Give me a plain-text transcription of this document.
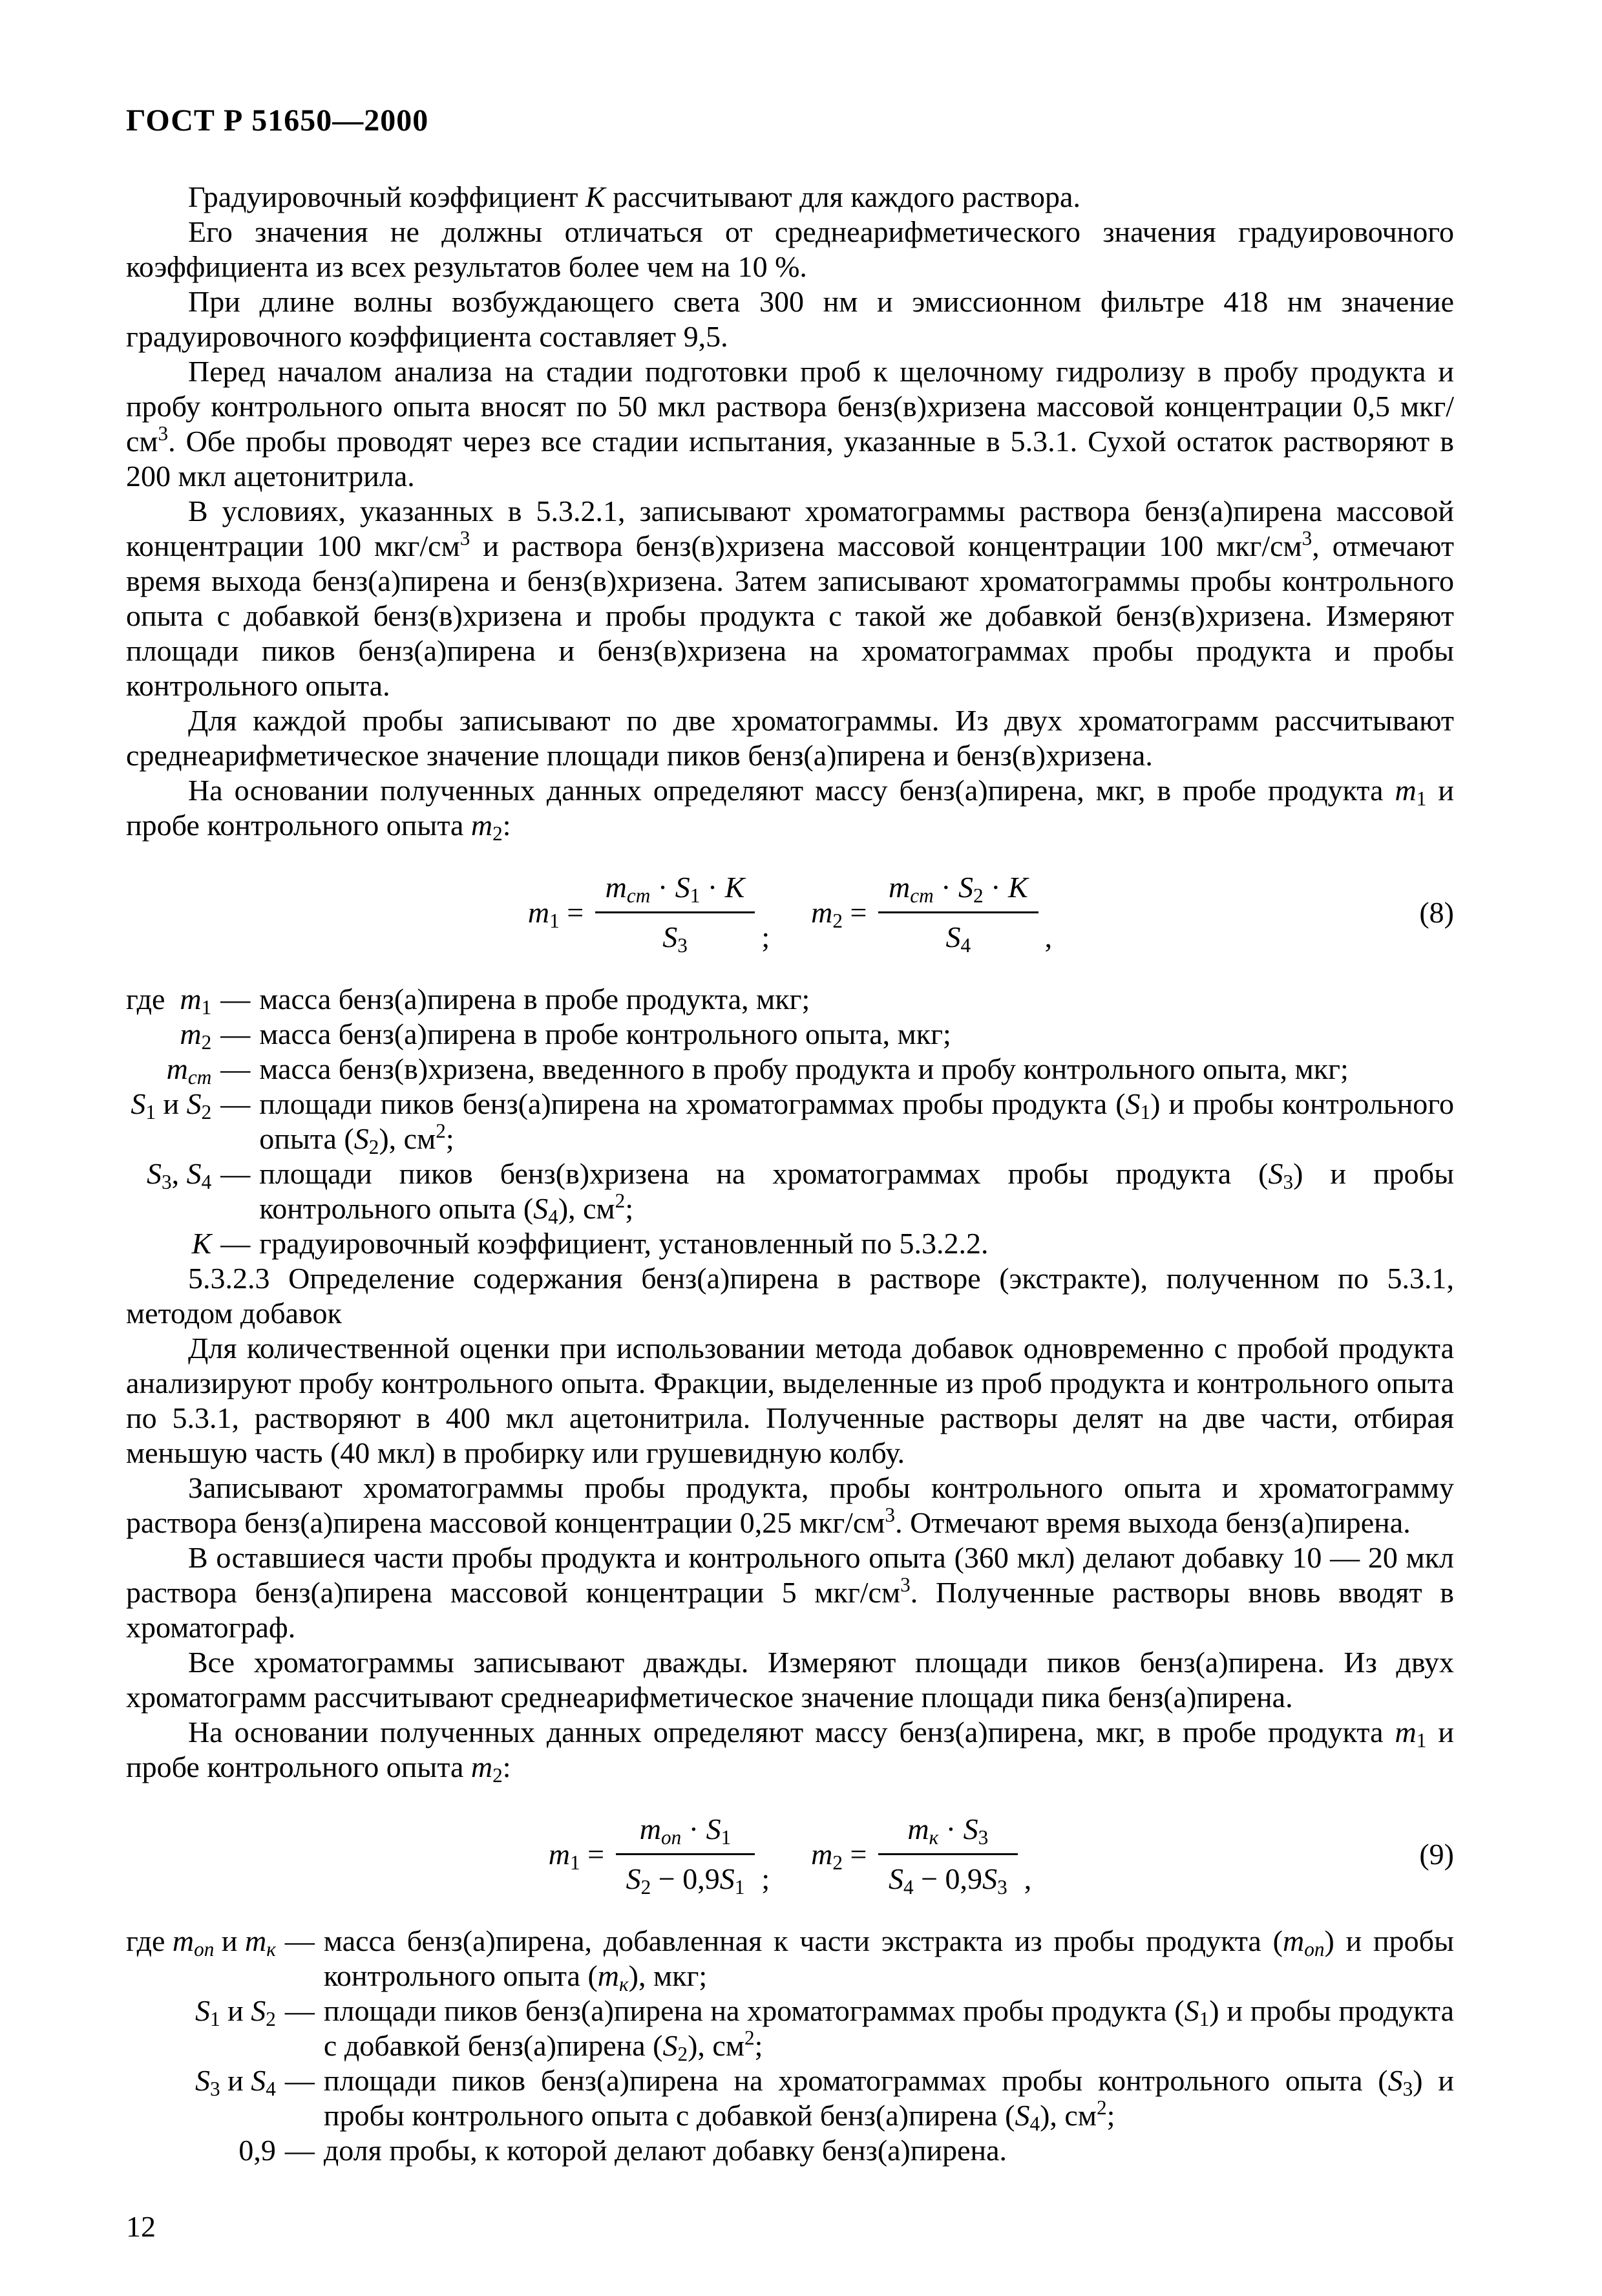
ГОСТ Р 51650—2000

Градуировочный коэффициент K рассчитывают для каждого раствора.

Его значения не должны отличаться от среднеарифметического значения градуировочного коэффициента из всех результатов более чем на 10 %.

При длине волны возбуждающего света 300 нм и эмиссионном фильтре 418 нм значение градуировочного коэффициента составляет 9,5.

Перед началом анализа на стадии подготовки проб к щелочному гидролизу в пробу продукта и пробу контрольного опыта вносят по 50 мкл раствора бенз(в)хризена массовой концентрации 0,5 мкг/$см^3$. Обе пробы проводят через все стадии испытания, указанные в 5.3.1. Сухой остаток растворяют в 200 мкл ацетонитрила.

В условиях, указанных в 5.3.2.1, записывают хроматограммы раствора бенз(а)пирена массовой концентрации 100 мкг/$см^3$ и раствора бенз(в)хризена массовой концентрации 100 мкг/$см^3$, отмечают время выхода бенз(а)пирена и бенз(в)хризена. Затем записывают хроматограммы пробы контрольного опыта с добавкой бенз(в)хризена и пробы продукта с такой же добавкой бенз(в)хризена. Измеряют площади пиков бенз(а)пирена и бенз(в)хризена на хроматограммах пробы продукта и пробы контрольного опыта.

Для каждой пробы записывают по две хроматограммы. Из двух хроматограмм рассчитывают среднеарифметическое значение площади пиков бенз(а)пирена и бенз(в)хризена.

На основании полученных данных определяют массу бенз(а)пирена, мкг, в пробе продукта $m_1$ и пробе контрольного опыта $m_2$:

$m_1 = \frac{m_{ст} \cdot S_1 \cdot K}{S_3}$ ;
$m_2 = \frac{m_{ст} \cdot S_2 \cdot K}{S_4}$ ,
(8)
где  $m_1$	—	масса бенз(а)пирена в пробе продукта, мкг;
$m_2$	—	масса бенз(а)пирена в пробе контрольного опыта, мкг;
$m_{ст}$	—	масса бенз(в)хризена, введенного в пробу продукта и пробу контрольного опыта, мкг;
$S_1$ и $S_2$	—	площади пиков бенз(а)пирена на хроматограммах пробы продукта $(S_1)$ и пробы контрольного опыта $(S_2)$, $см^2$;
$S_3$, $S_4$	—	площади пиков бенз(в)хризена на хроматограммах пробы продукта $(S_3)$ и пробы контрольного опыта $(S_4)$, $см^2$;
K	—	градуировочный коэффициент, установленный по 5.3.2.2.

5.3.2.3 Определение содержания бенз(а)пирена в растворе (экстракте), полученном по 5.3.1, методом добавок

Для количественной оценки при использовании метода добавок одновременно с пробой продукта анализируют пробу контрольного опыта. Фракции, выделенные из проб продукта и контрольного опыта по 5.3.1, растворяют в 400 мкл ацетонитрила. Полученные растворы делят на две части, отбирая меньшую часть (40 мкл) в пробирку или грушевидную колбу.

Записывают хроматограммы пробы продукта, пробы контрольного опыта и хроматограмму раствора бенз(а)пирена массовой концентрации 0,25 мкг/$см^3$. Отмечают время выхода бенз(а)пирена.

В оставшиеся части пробы продукта и контрольного опыта (360 мкл) делают добавку 10 — 20 мкл раствора бенз(а)пирена массовой концентрации 5 мкг/$см^3$. Полученные растворы вновь вводят в хроматограф.

Все хроматограммы записывают дважды. Измеряют площади пиков бенз(а)пирена. Из двух хроматограмм рассчитывают среднеарифметическое значение площади пика бенз(а)пирена.

На основании полученных данных определяют массу бенз(а)пирена, мкг, в пробе продукта $m_1$ и пробе контрольного опыта $m_2$:

$m_1 = \frac{m_{оп} \cdot S_1}{S_2 - 0,9S_1}$ ;
$m_2 = \frac{m_к \cdot S_3}{S_4 - 0,9S_3}$ ,
(9)
где $m_{оп}$ и $m_к$	—	масса бенз(а)пирена, добавленная к части экстракта из пробы продукта $(m_{оп})$ и пробы контрольного опыта $(m_к)$, мкг;
$S_1$ и $S_2$	—	площади пиков бенз(а)пирена на хроматограммах пробы продукта $(S_1)$ и пробы продукта с добавкой бенз(а)пирена $(S_2)$, $см^2$;
$S_3$ и $S_4$	—	площади пиков бенз(а)пирена на хроматограммах пробы контрольного опыта $(S_3)$ и пробы контрольного опыта с добавкой бенз(а)пирена $(S_4)$, $см^2$;
0,9	—	доля пробы, к которой делают добавку бенз(а)пирена.
12
